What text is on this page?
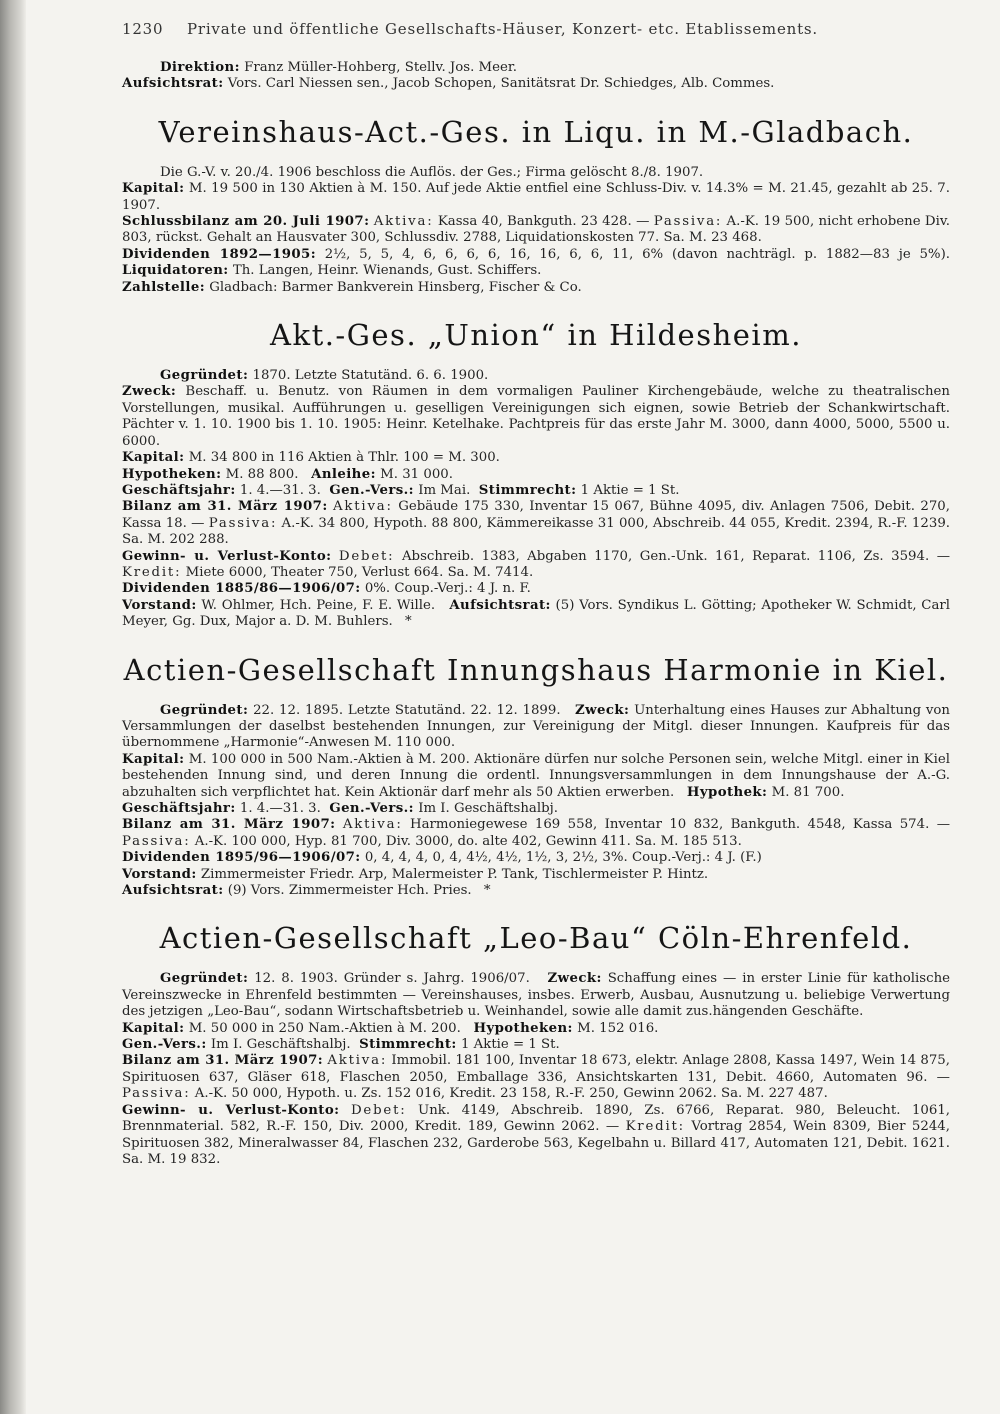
1230 Private und öffentliche Gesellschafts-Häuser, Konzert- etc. Etablissements.

Direktion: Franz Müller-Hohberg, Stellv. Jos. Meer.
Aufsichtsrat: Vors. Carl Niessen sen., Jacob Schopen, Sanitätsrat Dr. Schiedges, Alb. Commes.

Vereinshaus-Act.-Ges. in Liqu. in M.-Gladbach.

Die G.-V. v. 20./4. 1906 beschloss die Auflös. der Ges.; Firma gelöscht 8./8. 1907.
Kapital: M. 19 500 in 130 Aktien à M. 150. Auf jede Aktie entfiel eine Schluss-Div. v. 14.3% = M. 21.45, gezahlt ab 25. 7. 1907.
Schlussbilanz am 20. Juli 1907: Aktiva: Kassa 40, Bankguth. 23 428. — Passiva: A.-K. 19 500, nicht erhobene Div. 803, rückst. Gehalt an Hausvater 300, Schlussdiv. 2788, Liquidationskosten 77. Sa. M. 23 468.
Dividenden 1892—1905: 2½, 5, 5, 4, 6, 6, 6, 6, 16, 16, 6, 6, 11, 6% (davon nachträgl. p. 1882—83 je 5%). Liquidatoren: Th. Langen, Heinr. Wienands, Gust. Schiffers.
Zahlstelle: Gladbach: Barmer Bankverein Hinsberg, Fischer & Co.

Akt.-Ges. „Union“ in Hildesheim.

Gegründet: 1870. Letzte Statutänd. 6. 6. 1900.
Zweck: Beschaff. u. Benutz. von Räumen in dem vormaligen Pauliner Kirchengebäude, welche zu theatralischen Vorstellungen, musikal. Aufführungen u. geselligen Vereinigungen sich eignen, sowie Betrieb der Schankwirtschaft. Pächter v. 1. 10. 1900 bis 1. 10. 1905: Heinr. Ketelhake. Pachtpreis für das erste Jahr M. 3000, dann 4000, 5000, 5500 u. 6000.
Kapital: M. 34 800 in 116 Aktien à Thlr. 100 = M. 300.
Hypotheken: M. 88 800. Anleihe: M. 31 000.
Geschäftsjahr: 1. 4.—31. 3. Gen.-Vers.: Im Mai. Stimmrecht: 1 Aktie = 1 St.
Bilanz am 31. März 1907: Aktiva: Gebäude 175 330, Inventar 15 067, Bühne 4095, div. Anlagen 7506, Debit. 270, Kassa 18. — Passiva: A.-K. 34 800, Hypoth. 88 800, Kämmereikasse 31 000, Abschreib. 44 055, Kredit. 2394, R.-F. 1239. Sa. M. 202 288.
Gewinn- u. Verlust-Konto: Debet: Abschreib. 1383, Abgaben 1170, Gen.-Unk. 161, Reparat. 1106, Zs. 3594. — Kredit: Miete 6000, Theater 750, Verlust 664. Sa. M. 7414.
Dividenden 1885/86—1906/07: 0%. Coup.-Verj.: 4 J. n. F.
Vorstand: W. Ohlmer, Hch. Peine, F. E. Wille. Aufsichtsrat: (5) Vors. Syndikus L. Götting; Apotheker W. Schmidt, Carl Meyer, Gg. Dux, Major a. D. M. Buhlers. *

Actien-Gesellschaft Innungshaus Harmonie in Kiel.

Gegründet: 22. 12. 1895. Letzte Statutänd. 22. 12. 1899. Zweck: Unterhaltung eines Hauses zur Abhaltung von Versammlungen der daselbst bestehenden Innungen, zur Vereinigung der Mitgl. dieser Innungen. Kaufpreis für das übernommene „Harmonie“-Anwesen M. 110 000.
Kapital: M. 100 000 in 500 Nam.-Aktien à M. 200. Aktionäre dürfen nur solche Personen sein, welche Mitgl. einer in Kiel bestehenden Innung sind, und deren Innung die ordentl. Innungsversammlungen in dem Innungshause der A.-G. abzuhalten sich verpflichtet hat. Kein Aktionär darf mehr als 50 Aktien erwerben. Hypothek: M. 81 700.
Geschäftsjahr: 1. 4.—31. 3. Gen.-Vers.: Im I. Geschäftshalbj.
Bilanz am 31. März 1907: Aktiva: Harmoniegewese 169 558, Inventar 10 832, Bankguth. 4548, Kassa 574. — Passiva: A.-K. 100 000, Hyp. 81 700, Div. 3000, do. alte 402, Gewinn 411. Sa. M. 185 513.
Dividenden 1895/96—1906/07: 0, 4, 4, 4, 0, 4, 4½, 4½, 1½, 3, 2½, 3%. Coup.-Verj.: 4 J. (F.)
Vorstand: Zimmermeister Friedr. Arp, Malermeister P. Tank, Tischlermeister P. Hintz.
Aufsichtsrat: (9) Vors. Zimmermeister Hch. Pries. *

Actien-Gesellschaft „Leo-Bau“ Cöln-Ehrenfeld.

Gegründet: 12. 8. 1903. Gründer s. Jahrg. 1906/07. Zweck: Schaffung eines — in erster Linie für katholische Vereinszwecke in Ehrenfeld bestimmten — Vereinshauses, insbes. Erwerb, Ausbau, Ausnutzung u. beliebige Verwertung des jetzigen „Leo-Bau“, sodann Wirtschaftsbetrieb u. Weinhandel, sowie alle damit zus.hängenden Geschäfte.
Kapital: M. 50 000 in 250 Nam.-Aktien à M. 200. Hypotheken: M. 152 016.
Gen.-Vers.: Im I. Geschäftshalbj. Stimmrecht: 1 Aktie = 1 St.
Bilanz am 31. März 1907: Aktiva: Immobil. 181 100, Inventar 18 673, elektr. Anlage 2808, Kassa 1497, Wein 14 875, Spirituosen 637, Gläser 618, Flaschen 2050, Emballage 336, Ansichtskarten 131, Debit. 4660, Automaten 96. — Passiva: A.-K. 50 000, Hypoth. u. Zs. 152 016, Kredit. 23 158, R.-F. 250, Gewinn 2062. Sa. M. 227 487.
Gewinn- u. Verlust-Konto: Debet: Unk. 4149, Abschreib. 1890, Zs. 6766, Reparat. 980, Beleucht. 1061, Brennmaterial. 582, R.-F. 150, Div. 2000, Kredit. 189, Gewinn 2062. — Kredit: Vortrag 2854, Wein 8309, Bier 5244, Spirituosen 382, Mineralwasser 84, Flaschen 232, Garderobe 563, Kegelbahn u. Billard 417, Automaten 121, Debit. 1621. Sa. M. 19 832.
